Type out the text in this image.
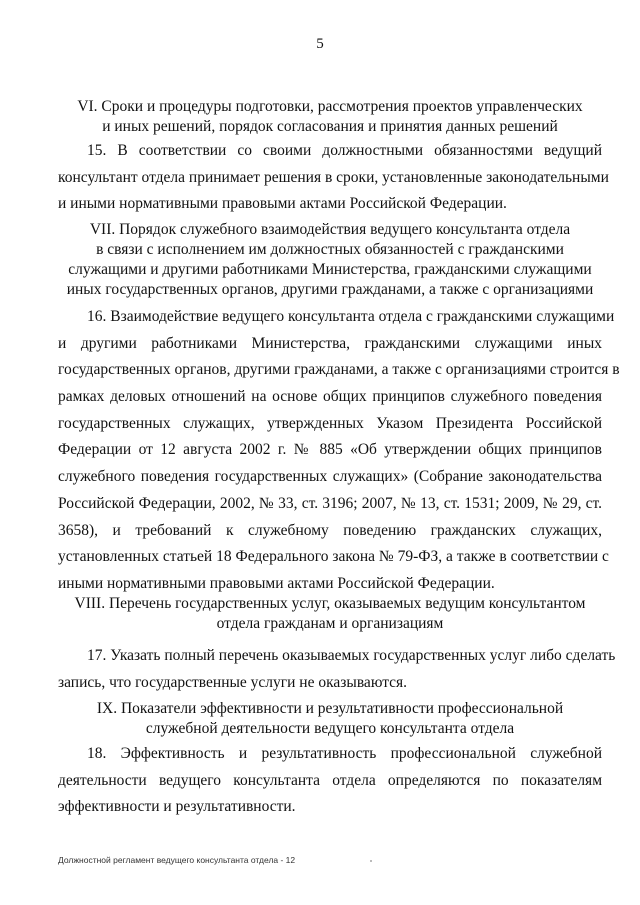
5
VI. Сроки и процедуры подготовки, рассмотрения проектов управленческих
и иных решений, порядок согласования и принятия данных решений
15. В соответствии со своими должностными обязанностями ведущий
консультант отдела принимает решения в сроки, установленные законодательными
и иными нормативными правовыми актами Российской Федерации.
VII. Порядок служебного взаимодействия ведущего консультанта отдела
в связи с исполнением им должностных обязанностей с гражданскими
служащими и другими работниками Министерства, гражданскими служащими
иных государственных органов, другими гражданами, а также с организациями
16. Взаимодействие ведущего консультанта отдела с гражданскими служащими
и другими работниками Министерства, гражданскими служащими иных
государственных органов, другими гражданами, а также с организациями строится в
рамках деловых отношений на основе общих принципов служебного поведения
государственных служащих, утвержденных Указом Президента Российской
Федерации от 12 августа 2002 г. № 885 «Об утверждении общих принципов
служебного поведения государственных служащих» (Собрание законодательства
Российской Федерации, 2002, № 33, ст. 3196; 2007, № 13, ст. 1531; 2009, № 29, ст.
3658), и требований к служебному поведению гражданских служащих,
установленных статьей 18 Федерального закона № 79-ФЗ, а также в соответствии с
иными нормативными правовыми актами Российской Федерации.
VIII. Перечень государственных услуг, оказываемых ведущим консультантом
отдела гражданам и организациям
17. Указать полный перечень оказываемых государственных услуг либо сделать
запись, что государственные услуги не оказываются.
IX. Показатели эффективности и результативности профессиональной
служебной деятельности ведущего консультанта отдела
18. Эффективность и результативность профессиональной служебной
деятельности ведущего консультанта отдела определяются по показателям
эффективности и результативности.
Должностной регламент ведущего консультанта отдела - 12
